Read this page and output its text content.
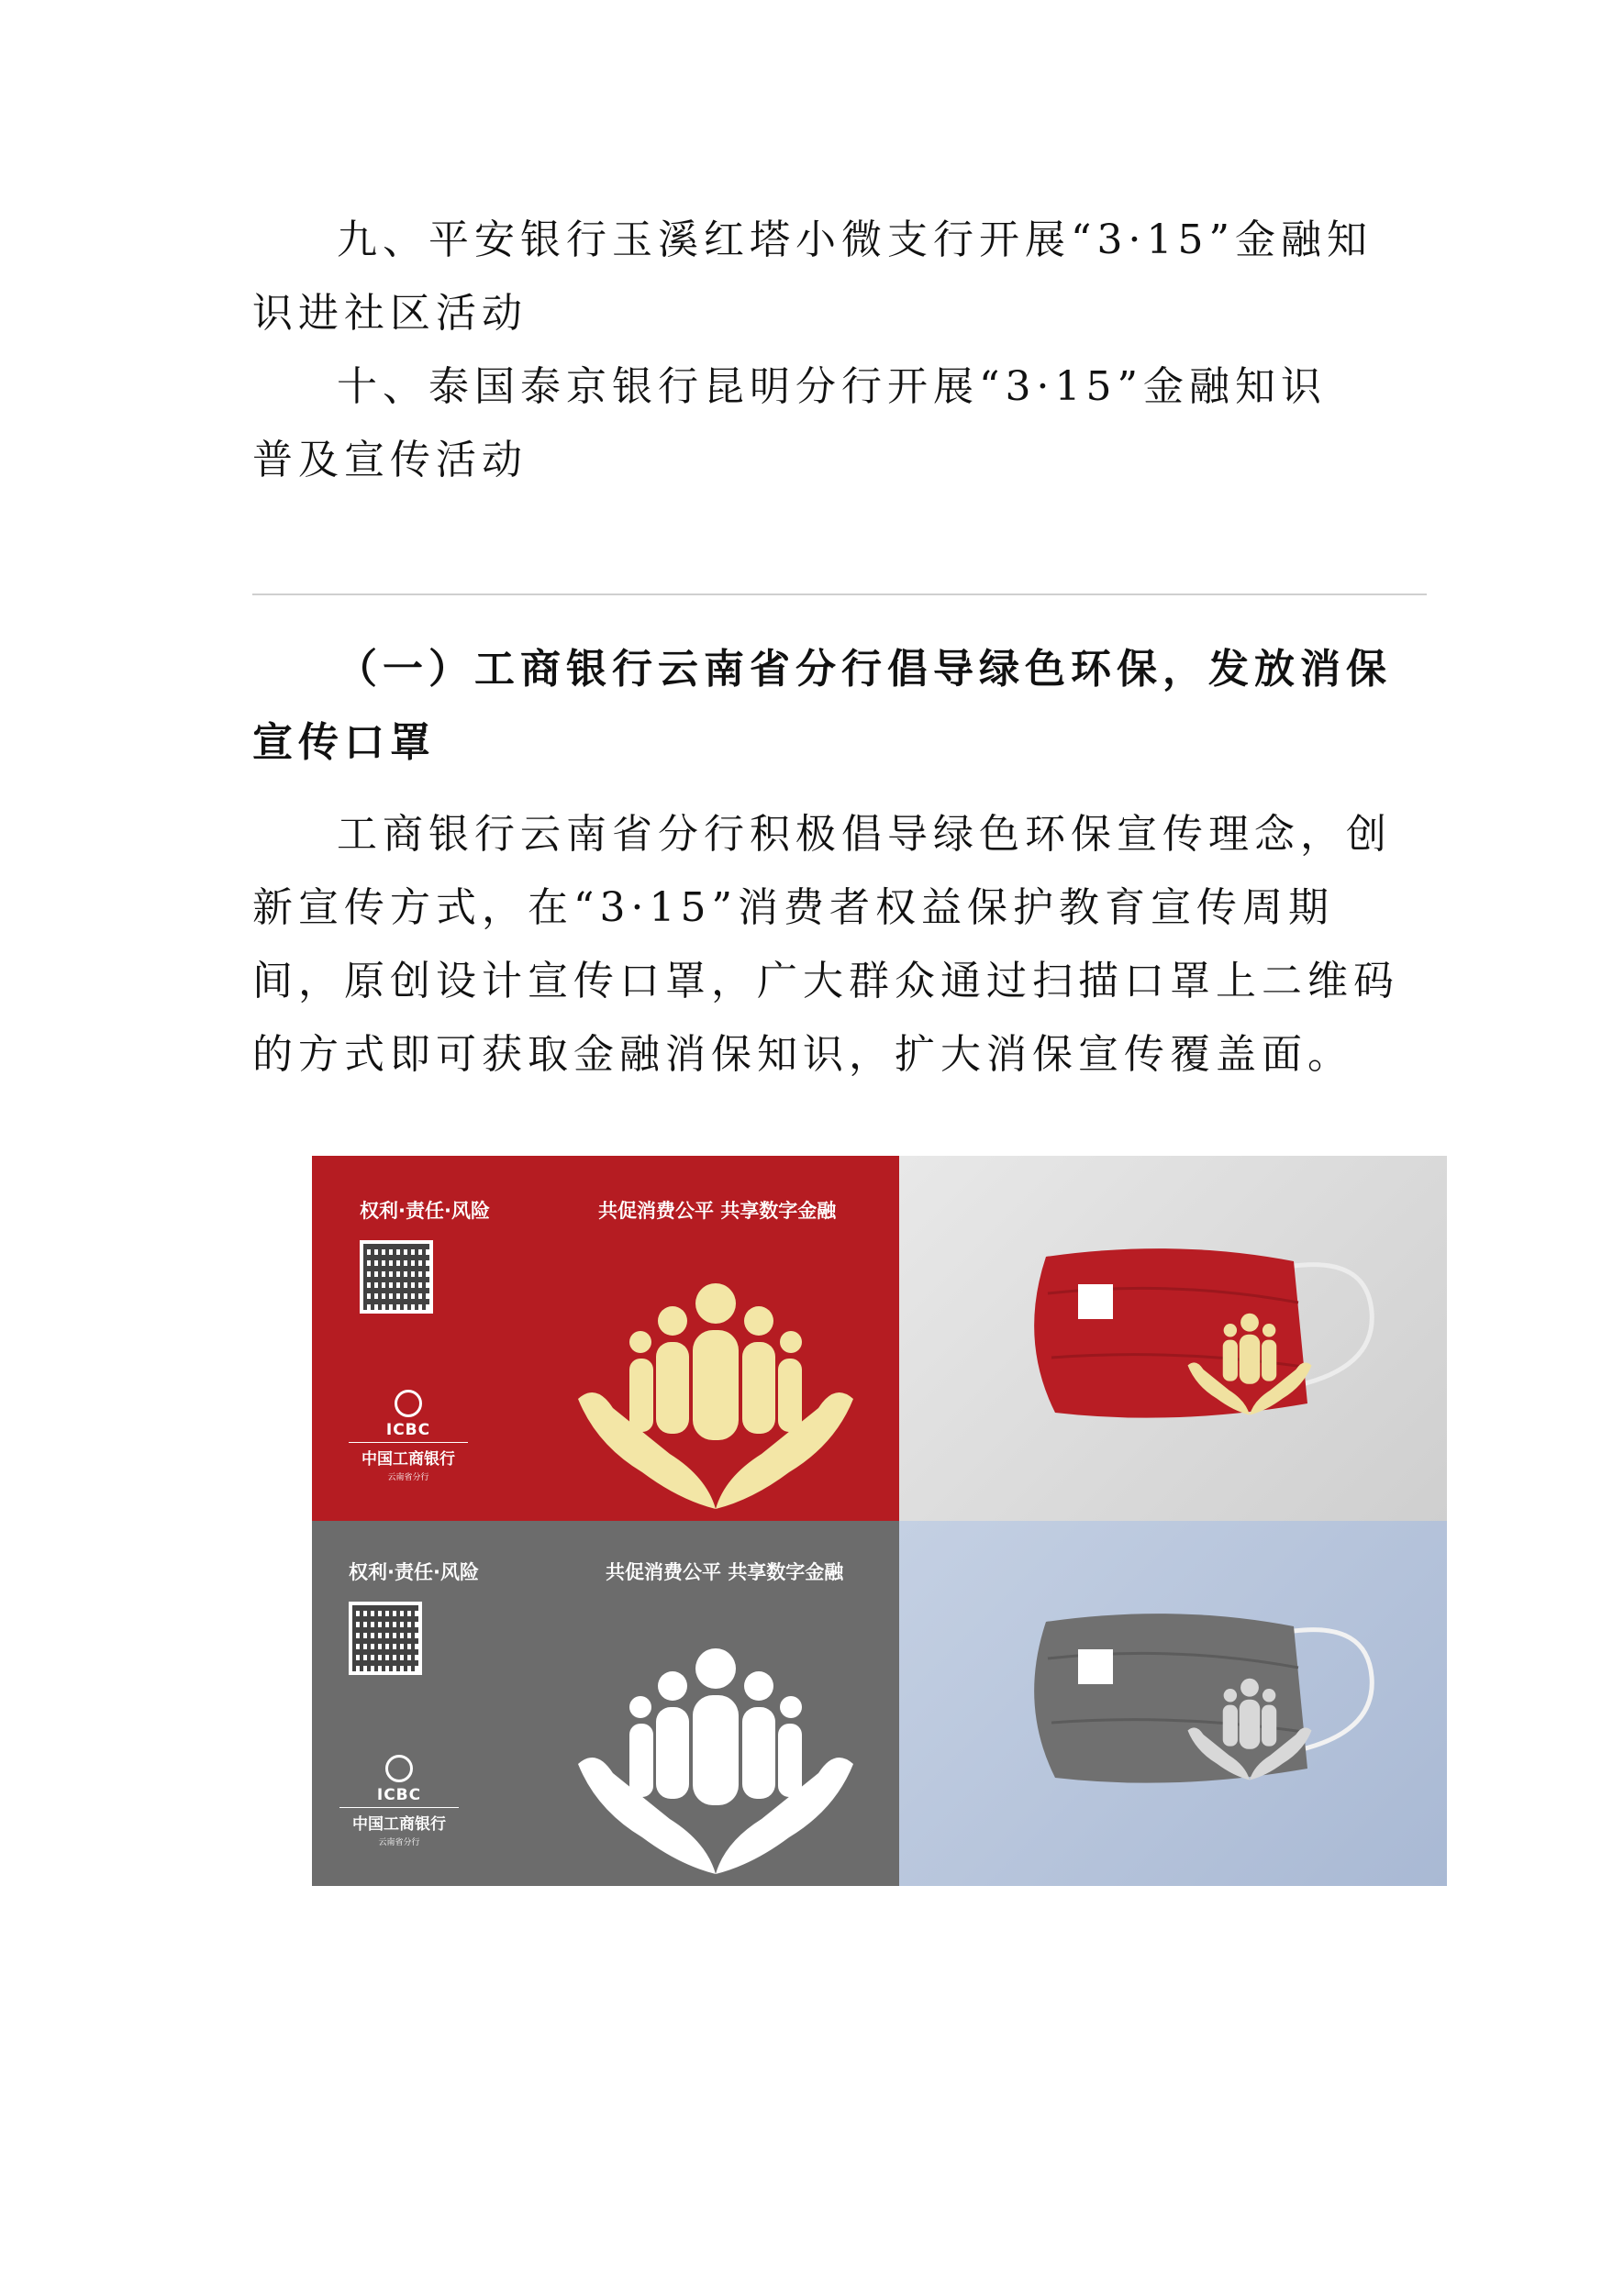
九、平安银行玉溪红塔小微支行开展“3·15”金融知

识进社区活动

十、泰国泰京银行昆明分行开展“3·15”金融知识

普及宣传活动

（一）工商银行云南省分行倡导绿色环保，发放消保

宣传口罩

工商银行云南省分行积极倡导绿色环保宣传理念，创

新宣传方式，在“3·15”消费者权益保护教育宣传周期

间，原创设计宣传口罩，广大群众通过扫描口罩上二维码

的方式即可获取金融消保知识，扩大消保宣传覆盖面。

权利·责任·风险	共促消费公平 共享数字金融
ICBC
中国工商银行
云南省分行
权利·责任·风险	共促消费公平 共享数字金融
ICBC
中国工商银行
云南省分行
